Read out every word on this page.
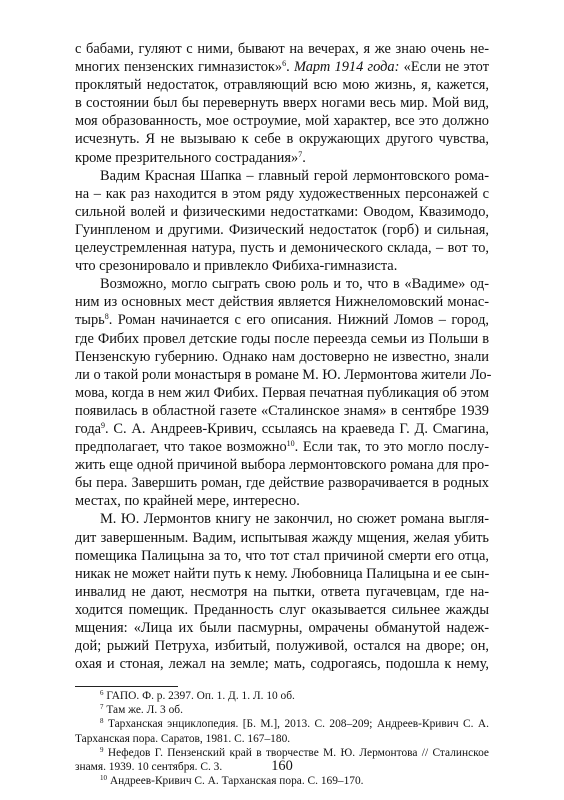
с бабами, гуляют с ними, бывают на вечерах, я же знаю очень не-
многих пензенских гимназисток»$^6$. Март 1914 года: «Если не этот
проклятый недостаток, отравляющий всю мою жизнь, я, кажется,
в состоянии был бы перевернуть вверх ногами весь мир. Мой вид,
моя образованность, мое остроумие, мой характер, все это должно
исчезнуть. Я не вызываю к себе в окружающих другого чувства,
кроме презрительного сострадания»$^7$.
Вадим Красная Шапка – главный герой лермонтовского рома-
на – как раз находится в этом ряду художественных персонажей с
сильной волей и физическими недостатками: Оводом, Квазимодо,
Гуинпленом и другими. Физический недостаток (горб) и сильная,
целеустремленная натура, пусть и демонического склада, – вот то,
что срезонировало и привлекло Фибиха-гимназиста.
Возможно, могло сыграть свою роль и то, что в «Вадиме» од-
ним из основных мест действия является Нижнеломовский монас-
тырь$^8$. Роман начинается с его описания. Нижний Ломов – город,
где Фибих провел детские годы после переезда семьи из Польши в
Пензенскую губернию. Однако нам достоверно не известно, знали
ли о такой роли монастыря в романе М. Ю. Лермонтова жители Ло-
мова, когда в нем жил Фибих. Первая печатная публикация об этом
появилась в областной газете «Сталинское знамя» в сентябре 1939
года$^9$. С. А. Андреев-Кривич, ссылаясь на краеведа Г. Д. Смагина,
предполагает, что такое возможно$^{10}$. Если так, то это могло послу-
жить еще одной причиной выбора лермонтовского романа для про-
бы пера. Завершить роман, где действие разворачивается в родных
местах, по крайней мере, интересно.
М. Ю. Лермонтов книгу не закончил, но сюжет романа выгля-
дит завершенным. Вадим, испытывая жажду мщения, желая убить
помещика Палицына за то, что тот стал причиной смерти его отца,
никак не может найти путь к нему. Любовница Палицына и ее сын-
инвалид не дают, несмотря на пытки, ответа пугачевцам, где на-
ходится помещик. Преданность слуг оказывается сильнее жажды
мщения: «Лица их были пасмурны, омрачены обманутой надеж-
дой; рыжий Петруха, избитый, полуживой, остался на дворе; он,
охая и стоная, лежал на земле; мать, содрогаясь, подошла к нему,
$^6$ ГАПО. Ф. р. 2397. Оп. 1. Д. 1. Л. 10 об.
$^7$ Там же. Л. 3 об.
$^8$ Тарханская энциклопедия. [Б. М.], 2013. С. 208–209; Андреев-Кривич С. А.
Тарханская пора. Саратов, 1981. С. 167–180.
$^9$ Нефедов Г. Пензенский край в творчестве М. Ю. Лермонтова // Сталинское
знамя. 1939. 10 сентября. С. 3.
$^{10}$ Андреев-Кривич С. А. Тарханская пора. С. 169–170.
160
